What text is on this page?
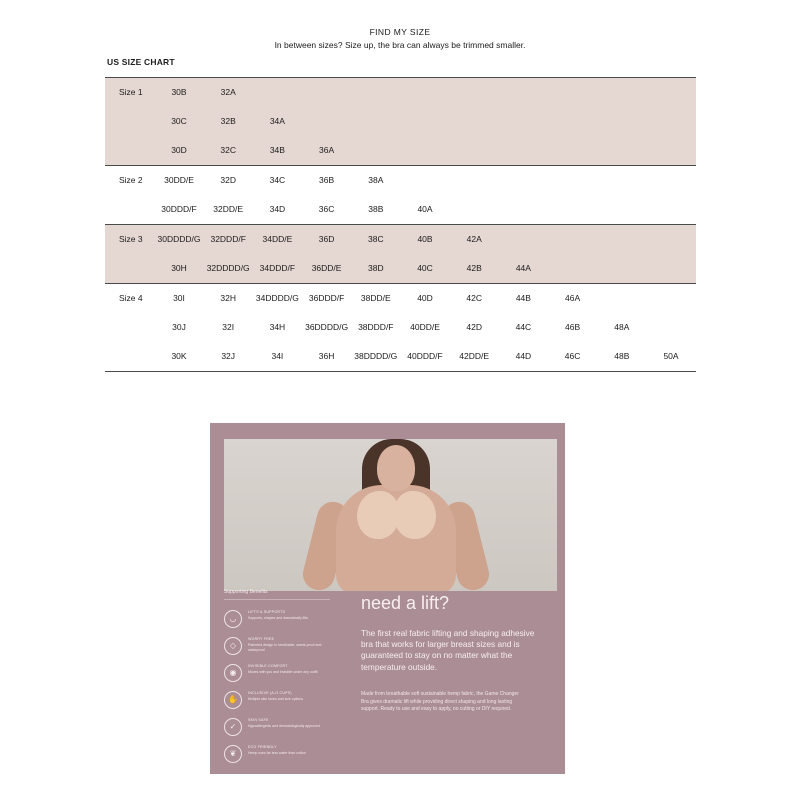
FIND MY SIZE
In between sizes? Size up, the bra can always be trimmed smaller.
US SIZE CHART
Size 1	30B	32A
30C	32B	34A
30D	32C	34B	36A
Size 2	30DD/E	32D	34C	36B	38A
30DDD/F	32DD/E	34D	36C	38B	40A
Size 3	30DDDD/G	32DDD/F	34DD/E	36D	38C	40B	42A
30H	32DDDD/G	34DDD/F	36DD/E	38D	40C	42B	44A
Size 4	30I	32H	34DDDD/G	36DDD/F	38DD/E	40D	42C	44B	46A
30J	32I	34H	36DDDD/G	38DDD/F	40DD/E	42D	44C	46B	48A
30K	32J	34I	36H	38DDDD/G	40DDD/F	42DD/E	44D	46C	48B	50A
Supporting Benefits
◡
LIFTS & SUPPORTS
Supports, shapes and dramatically lifts
◇
WORRY FREE
Patented design is breathable, sweat-proof and waterproof
◉
INVISIBLE COMFORT
Moves with you and invisible under any outfit
✋
INCLUSIVE (A-G CUPS)
Multiple skin tones and size options
✓
SKIN SAFE
Hypoallergenic and dermatologically approved
❦
ECO FRIENDLY
Hemp uses far less water than cotton
need a lift?
The first real fabric lifting and shaping adhesive bra that works for larger breast sizes and is guaranteed to stay on no matter what the temperature outside.
Made from breathable soft sustainable hemp fabric, the Game Changer Bra gives dramatic lift while providing direct shaping and long lasting support. Ready to use and easy to apply, no cutting or DIY required.
